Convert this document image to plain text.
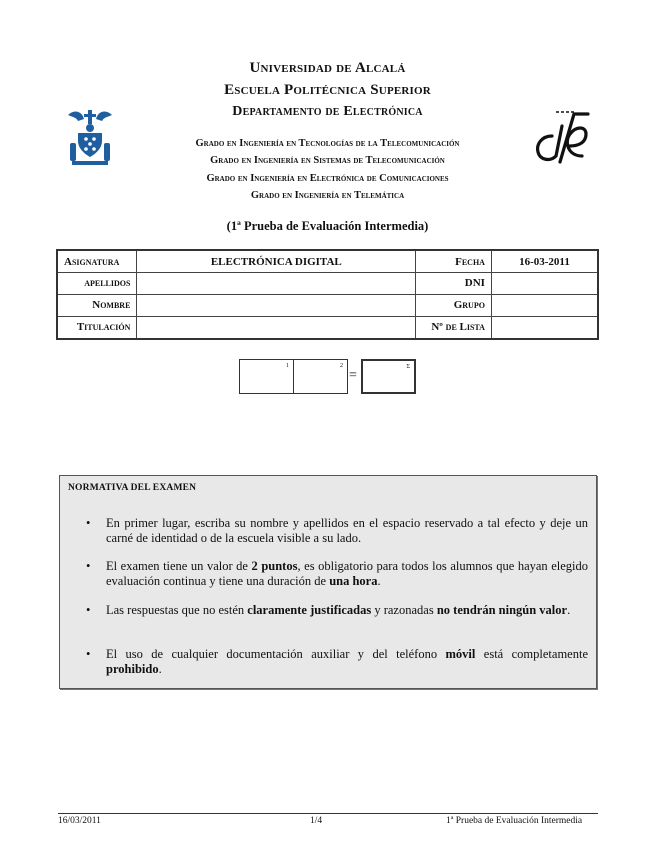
Universidad de Alcalá
Escuela Politécnica Superior
Departamento de Electrónica
Grado en Ingeniería en Tecnologías de la Telecomunicación
Grado en Ingeniería en Sistemas de Telecomunicación
Grado en Ingeniería en Electrónica de Comunicaciones
Grado en Ingeniería en Telemática
(1ª Prueba de Evaluación Intermedia)
Asignatura	ELECTRÓNICA DIGITAL	Fecha	16-03-2011
apellidos		DNI	
Nombre		Grupo	
Titulación		Nº de Lista	
1	2
=
Σ
NORMATIVA DEL EXAMEN
• En primer lugar, escriba su nombre y apellidos en el espacio reservado a tal efecto y deje un carné de identidad o de la escuela visible a su lado.
• El examen tiene un valor de 2 puntos, es obligatorio para todos los alumnos que hayan elegido evaluación continua y tiene una duración de una hora.
• Las respuestas que no estén claramente justificadas y razonadas no tendrán ningún valor.
• El uso de cualquier documentación auxiliar y del teléfono móvil está completamente prohibido.
16/03/2011	1/4	1ª Prueba de Evaluación Intermedia
